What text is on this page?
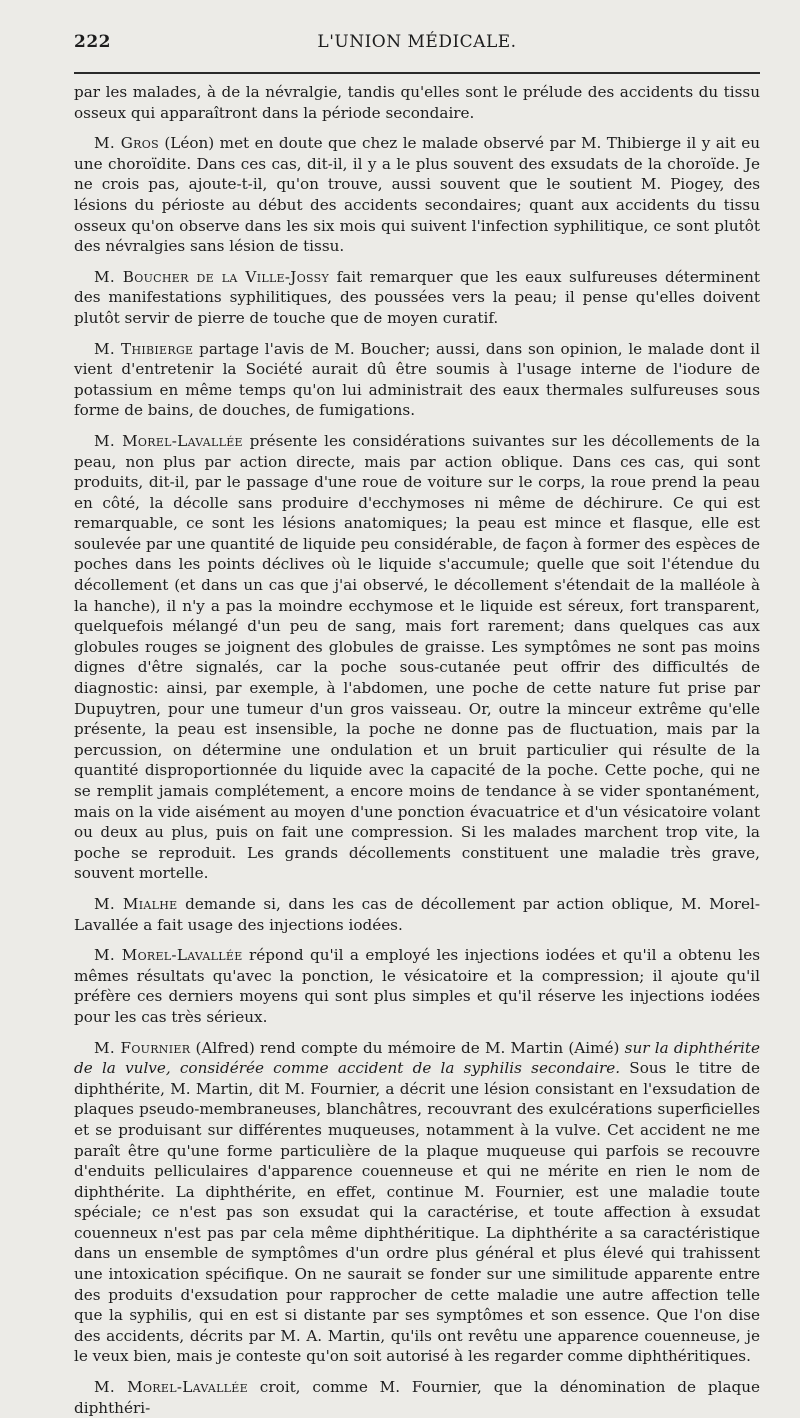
222	L'UNION MÉDICALE.

par les malades, à de la névralgie, tandis qu'elles sont le prélude des accidents du tissu osseux qui apparaîtront dans la période secondaire.

M. Gros (Léon) met en doute que chez le malade observé par M. Thibierge il y ait eu une choroïdite. Dans ces cas, dit-il, il y a le plus souvent des exsudats de la choroïde. Je ne crois pas, ajoute-t-il, qu'on trouve, aussi souvent que le soutient M. Piogey, des lésions du périoste au début des accidents secondaires; quant aux accidents du tissu osseux qu'on observe dans les six mois qui suivent l'infection syphilitique, ce sont plutôt des névralgies sans lésion de tissu.

M. Boucher de la Ville-Jossy fait remarquer que les eaux sulfureuses déterminent des manifestations syphilitiques, des poussées vers la peau; il pense qu'elles doivent plutôt servir de pierre de touche que de moyen curatif.

M. Thibierge partage l'avis de M. Boucher; aussi, dans son opinion, le malade dont il vient d'entretenir la Société aurait dû être soumis à l'usage interne de l'iodure de potassium en même temps qu'on lui administrait des eaux thermales sulfureuses sous forme de bains, de douches, de fumigations.

M. Morel-Lavallée présente les considérations suivantes sur les décollements de la peau, non plus par action directe, mais par action oblique. Dans ces cas, qui sont produits, dit-il, par le passage d'une roue de voiture sur le corps, la roue prend la peau en côté, la décolle sans produire d'ecchymoses ni même de déchirure. Ce qui est remarquable, ce sont les lésions anatomiques; la peau est mince et flasque, elle est soulevée par une quantité de liquide peu considérable, de façon à former des espèces de poches dans les points déclives où le liquide s'accumule; quelle que soit l'étendue du décollement (et dans un cas que j'ai observé, le décollement s'étendait de la malléole à la hanche), il n'y a pas la moindre ecchymose et le liquide est séreux, fort transparent, quelquefois mélangé d'un peu de sang, mais fort rarement; dans quelques cas aux globules rouges se joignent des globules de graisse. Les symptômes ne sont pas moins dignes d'être signalés, car la poche sous-cutanée peut offrir des difficultés de diagnostic: ainsi, par exemple, à l'abdomen, une poche de cette nature fut prise par Dupuytren, pour une tumeur d'un gros vaisseau. Or, outre la minceur extrême qu'elle présente, la peau est insensible, la poche ne donne pas de fluctuation, mais par la percussion, on détermine une ondulation et un bruit particulier qui résulte de la quantité disproportionnée du liquide avec la capacité de la poche. Cette poche, qui ne se remplit jamais complétement, a encore moins de tendance à se vider spontanément, mais on la vide aisément au moyen d'une ponction évacuatrice et d'un vésicatoire volant ou deux au plus, puis on fait une compression. Si les malades marchent trop vite, la poche se reproduit. Les grands décollements constituent une maladie très grave, souvent mortelle.

M. Mialhe demande si, dans les cas de décollement par action oblique, M. Morel-Lavallée a fait usage des injections iodées.

M. Morel-Lavallée répond qu'il a employé les injections iodées et qu'il a obtenu les mêmes résultats qu'avec la ponction, le vésicatoire et la compression; il ajoute qu'il préfère ces derniers moyens qui sont plus simples et qu'il réserve les injections iodées pour les cas très sérieux.

M. Fournier (Alfred) rend compte du mémoire de M. Martin (Aimé) sur la diphthérite de la vulve, considérée comme accident de la syphilis secondaire. Sous le titre de diphthérite, M. Martin, dit M. Fournier, a décrit une lésion consistant en l'exsudation de plaques pseudo-membraneuses, blanchâtres, recouvrant des exulcérations superficielles et se produisant sur différentes muqueuses, notamment à la vulve. Cet accident ne me paraît être qu'une forme particulière de la plaque muqueuse qui parfois se recouvre d'enduits pelliculaires d'apparence couenneuse et qui ne mérite en rien le nom de diphthérite. La diphthérite, en effet, continue M. Fournier, est une maladie toute spéciale; ce n'est pas son exsudat qui la caractérise, et toute affection à exsudat couenneux n'est pas par cela même diphthéritique. La diphthérite a sa caractéristique dans un ensemble de symptômes d'un ordre plus général et plus élevé qui trahissent une intoxication spécifique. On ne saurait se fonder sur une similitude apparente entre des produits d'exsudation pour rapprocher de cette maladie une autre affection telle que la syphilis, qui en est si distante par ses symptômes et son essence. Que l'on dise des accidents, décrits par M. A. Martin, qu'ils ont revêtu une apparence couenneuse, je le veux bien, mais je conteste qu'on soit autorisé à les regarder comme diphthéritiques.

M. Morel-Lavallée croit, comme M. Fournier, que la dénomination de plaque diphthéri-
